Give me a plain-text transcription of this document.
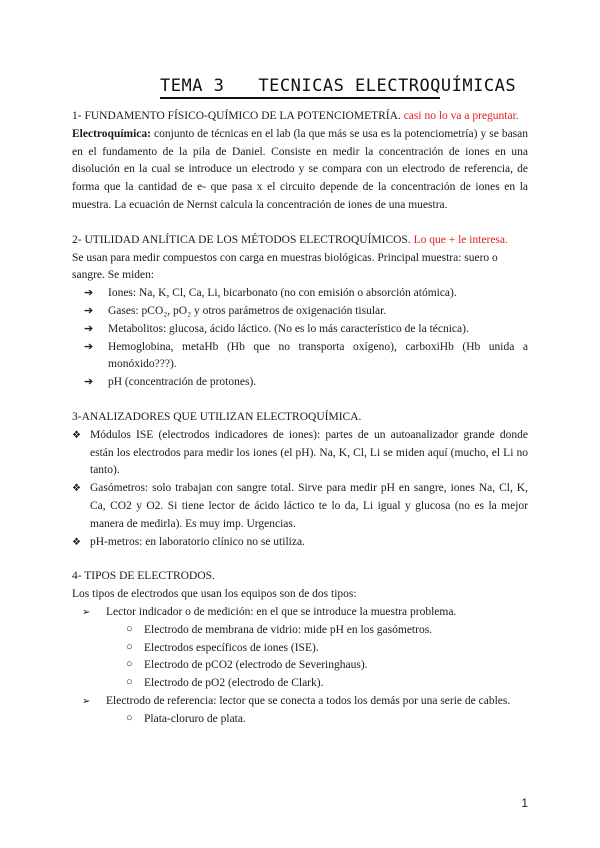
TEMA 3 TECNICAS ELECTROQUÍMICAS
1- FUNDAMENTO FÍSICO-QUÍMICO DE LA POTENCIOMETRÍA. casi no lo va a preguntar.
Electroquímica: conjunto de técnicas en el lab (la que más se usa es la potenciometría) y se basan en el fundamento de la pila de Daniel. Consiste en medir la concentración de iones en una disolución en la cual se introduce un electrodo y se compara con un electrodo de referencia, de forma que la cantidad de e- que pasa x el circuito depende de la concentración de iones en la muestra. La ecuación de Nernst calcula la concentración de iones de una muestra.
2- UTILIDAD ANLÍTICA DE LOS MÉTODOS ELECTROQUÍMICOS. Lo que + le interesa.
Se usan para medir compuestos con carga en muestras biológicas. Principal muestra: suero o sangre. Se miden:
➔ Iones: Na, K, Cl, Ca, Li, bicarbonato (no con emisión o absorción atómica).
➔ Gases: pCO₂, pO₂ y otros parámetros de oxigenación tisular.
➔ Metabolitos: glucosa, ácido láctico. (No es lo más característico de la técnica).
➔ Hemoglobina, metaHb (Hb que no transporta oxígeno), carboxiHb (Hb unida a monóxido???).
➔ pH (concentración de protones).
3-ANALIZADORES QUE UTILIZAN ELECTROQUÍMICA.
❖ Módulos ISE (electrodos indicadores de iones): partes de un autoanalizador grande donde están los electrodos para medir los iones (el pH). Na, K, Cl, Li se miden aquí (mucho, el Li no tanto).
❖ Gasómetros: solo trabajan con sangre total. Sirve para medir pH en sangre, iones Na, Cl, K, Ca, CO2 y O2. Si tiene lector de ácido láctico te lo da, Li igual y glucosa (no es la mejor manera de medirla). Es muy imp. Urgencias.
❖ pH-metros: en laboratorio clínico no se utiliza.
4- TIPOS DE ELECTRODOS.
Los tipos de electrodos que usan los equipos son de dos tipos:
➢ Lector indicador o de medición: en el que se introduce la muestra problema.
○ Electrodo de membrana de vidrio: mide pH en los gasómetros.
○ Electrodos específicos de iones (ISE).
○ Electrodo de pCO2 (electrodo de Severinghaus).
○ Electrodo de pO2 (electrodo de Clark).
➢ Electrodo de referencia: lector que se conecta a todos los demás por una serie de cables.
○ Plata-cloruro de plata.
1
